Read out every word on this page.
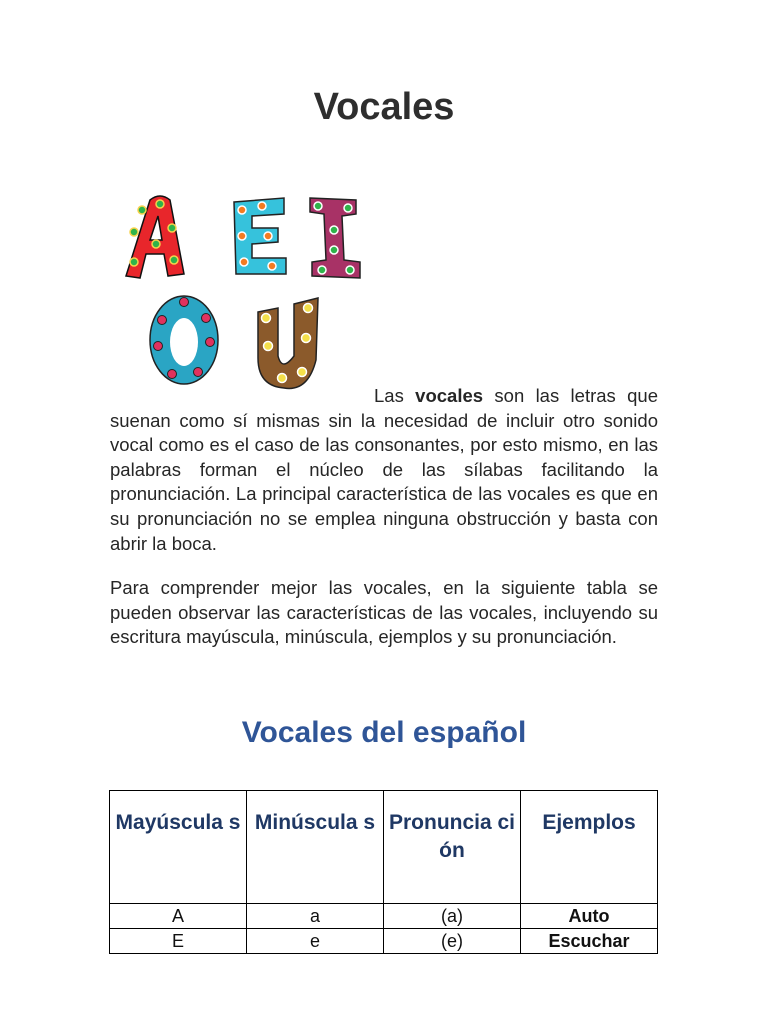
Vocales

Las vocales son las letras que suenan como sí mismas sin la necesidad de incluir otro sonido vocal como es el caso de las consonantes, por esto mismo, en las palabras forman el núcleo de las sílabas facilitando la pronunciación. La principal característica de las vocales es que en su pronunciación no se emplea ninguna obstrucción y basta con abrir la boca.

Para comprender mejor las vocales, en la siguiente tabla se pueden observar las características de las vocales, incluyendo su escritura mayúscula, minúscula, ejemplos y su pronunciación.

Vocales del español
Mayúscula s	Minúscula s	Pronuncia ción	Ejemplos
A	a	(a)	Auto
E	e	(e)	Escuchar
